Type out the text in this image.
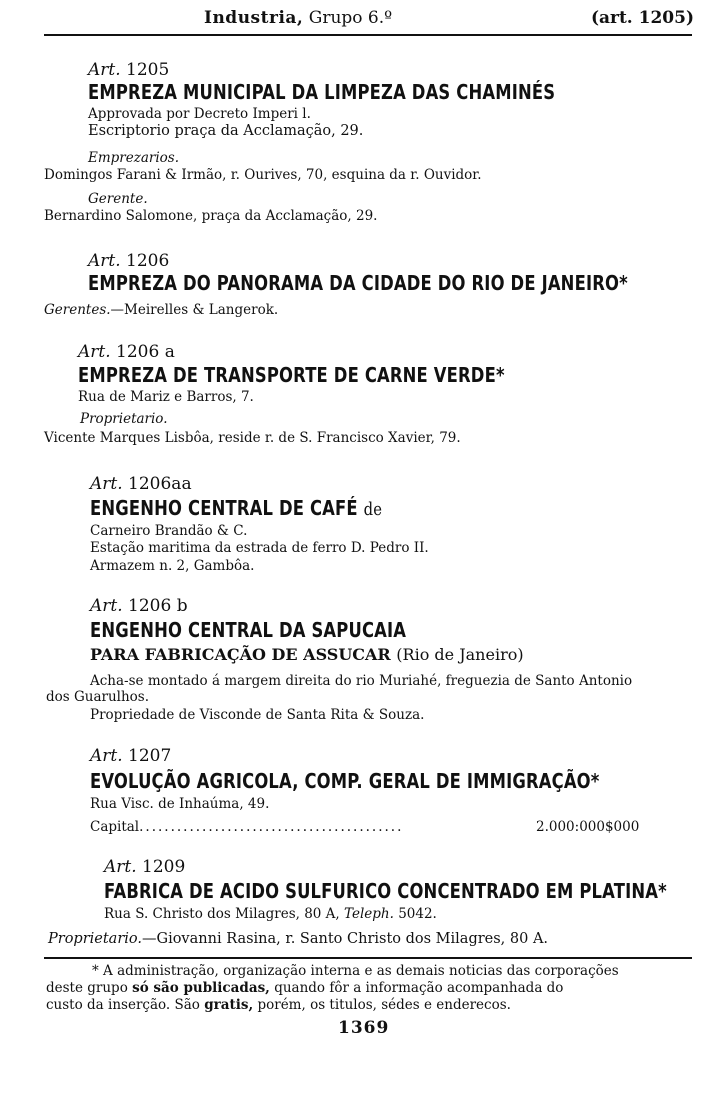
Industria, Grupo 6.º	(art. 1205)
Art. 1205
EMPREZA MUNICIPAL DA LIMPEZA DAS CHAMINÉS
Approvada por Decreto Imperi l.
Escriptorio praça da Acclamação, 29.
Emprezarios.
Domingos Farani & Irmão, r. Ourives, 70, esquina da r. Ouvidor.
Gerente.
Bernardino Salomone, praça da Acclamação, 29.
Art. 1206
EMPREZA DO PANORAMA DA CIDADE DO RIO DE JANEIRO*
Gerentes.—Meirelles & Langerok.
Art. 1206 a
EMPREZA DE TRANSPORTE DE CARNE VERDE*
Rua de Mariz e Barros, 7.
Proprietario.
Vicente Marques Lisbôa, reside r. de S. Francisco Xavier, 79.
Art. 1206aa
ENGENHO CENTRAL DE CAFÉ de
Carneiro Brandão & C.
Estação maritima da estrada de ferro D. Pedro II.
Armazem n. 2, Gambôa.
Art. 1206 b
ENGENHO CENTRAL DA SAPUCAIA
PARA FABRICAÇÃO DE ASSUCAR (Rio de Janeiro)
Acha-se montado á margem direita do rio Muriahé, freguezia de Santo Antonio
dos Guarulhos.
Propriedade de Visconde de Santa Rita & Souza.
Art. 1207
EVOLUÇÃO AGRICOLA, COMP. GERAL DE IMMIGRAÇÃO*
Rua Visc. de Inhaúma, 49.
Capital..........................................	2.000:000$000
Art. 1209
FABRICA DE ACIDO SULFURICO CONCENTRADO EM PLATINA*
Rua S. Christo dos Milagres, 80 A, Teleph. 5042.
Proprietario.—Giovanni Rasina, r. Santo Christo dos Milagres, 80 A.
* A administração, organização interna e as demais noticias das corporações
deste grupo só são publicadas, quando fôr a informação acompanhada do
custo da inserção. São gratis, porém, os titulos, sédes e enderecos.
1369
